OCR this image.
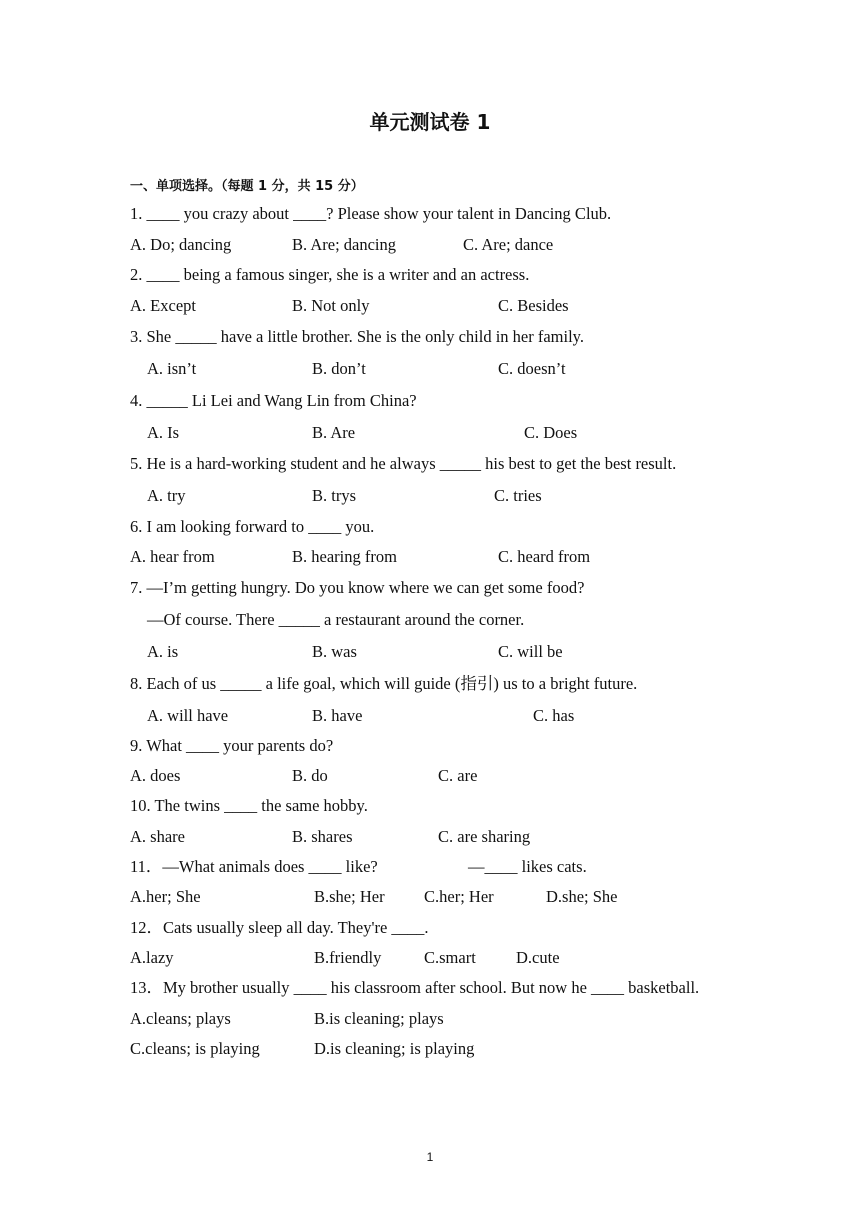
单元测试卷 1
一、单项选择。（每题 1 分，共 15 分）
1. ____ you crazy about ____? Please show your talent in Dancing Club.
A. Do; dancing	B. Are; dancing	C. Are; dance
2. ____ being a famous singer, she is a writer and an actress.
A. Except	B. Not only	C. Besides
3. She _____ have a little brother. She is the only child in her family.
A. isn’t	B. don’t	C. doesn’t
4. _____ Li Lei and Wang Lin from China?
A. Is	B. Are	C. Does
5. He is a hard-working student and he always _____ his best to get the best result.
A. try	B. trys	C. tries
6. I am looking forward to ____ you.
A. hear from	B. hearing from	C. heard from
7. —I’m getting hungry. Do you know where we can get some food?
—Of course. There _____ a restaurant around the corner.
A. is	B. was	C. will be
8. Each of us _____ a life goal, which will guide (指引) us to a bright future.
A. will have	B. have	C. has
9. What ____ your parents do?
A. does	B. do	C. are
10. The twins ____ the same hobby.
A. share	B. shares	C. are sharing
11．—What animals does ____ like?	—____ likes cats.
A.her; She	B.she; Her C.her; Her	D.she; She
12．Cats usually sleep all day. They're ____.
A.lazy	B.friendly	C.smart D.cute
13．My brother usually ____ his classroom after school. But now he ____ basketball.
A.cleans; plays	B.is cleaning; plays
C.cleans; is playing	D.is cleaning; is playing
1
